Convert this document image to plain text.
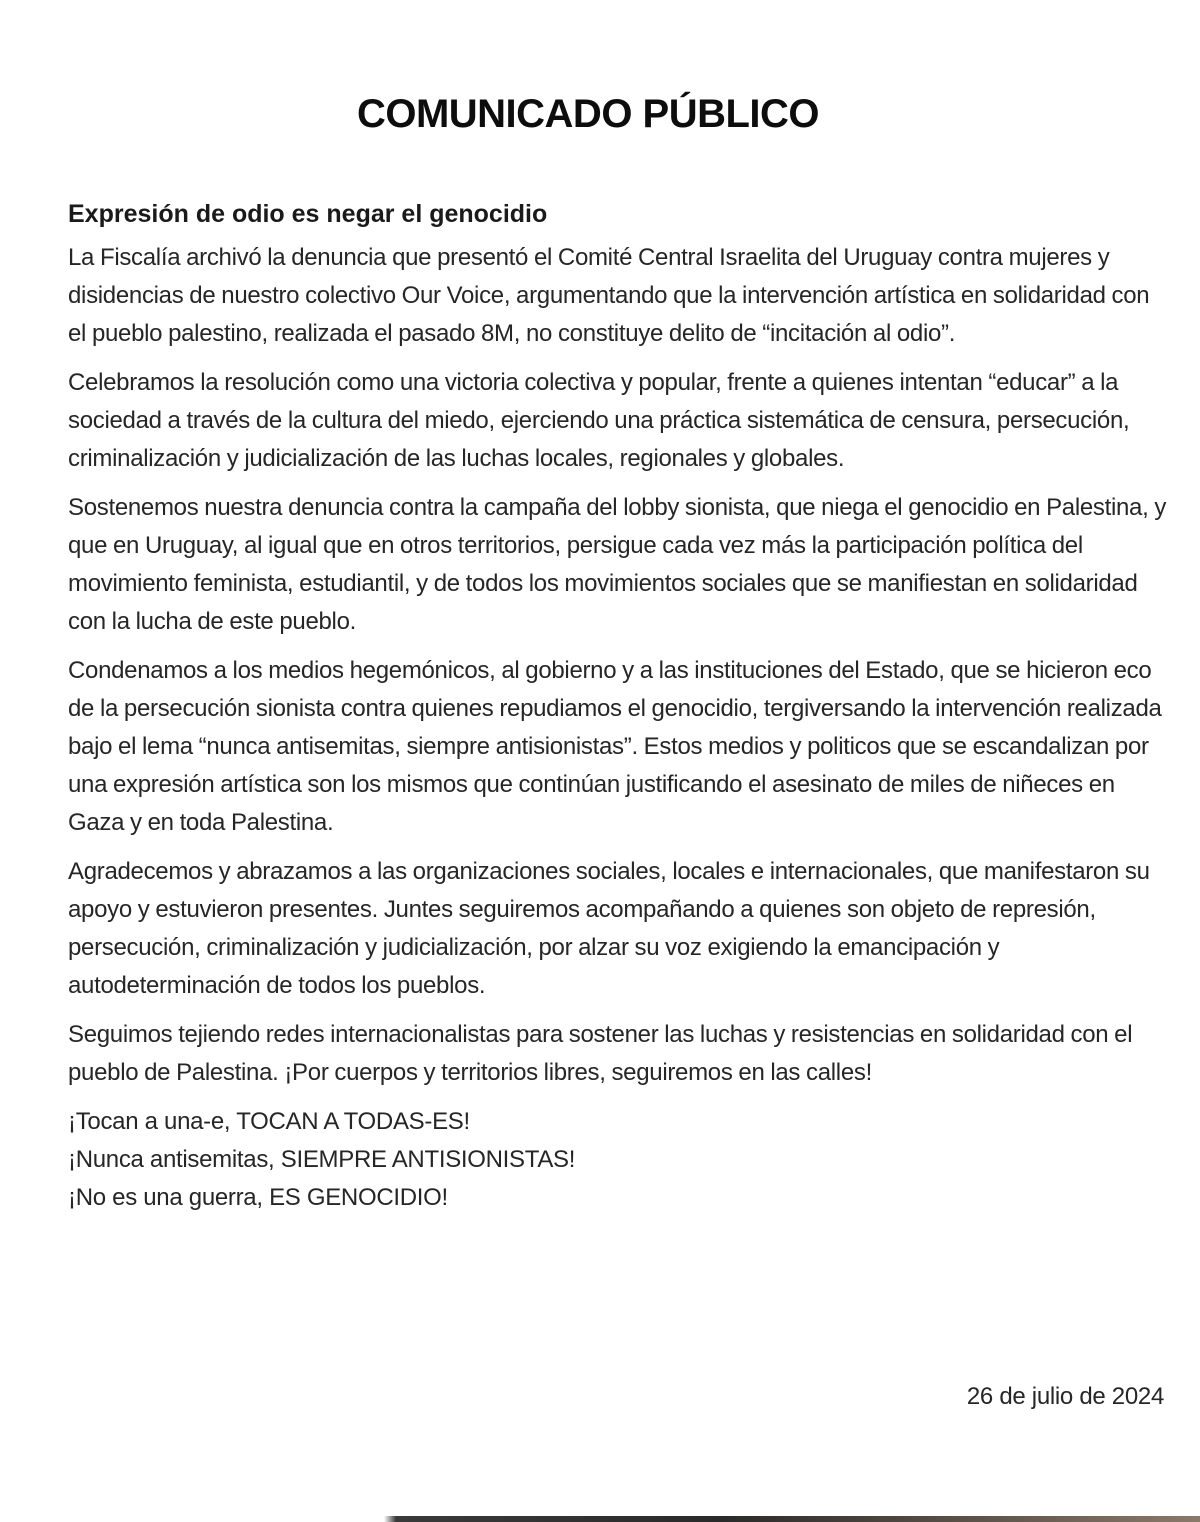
COMUNICADO PÚBLICO
Expresión de odio es negar el genocidio

La Fiscalía archivó la denuncia que presentó el Comité Central Israelita del Uruguay contra mujeres y disidencias de nuestro colectivo Our Voice, argumentando que la intervención artística en solidaridad con el pueblo palestino, realizada el pasado 8M, no constituye delito de “incitación al odio”.

Celebramos la resolución como una victoria colectiva y popular, frente a quienes intentan “educar” a la sociedad a través de la cultura del miedo, ejerciendo una práctica sistemática de censura, persecución, criminalización y judicialización de las luchas locales, regionales y globales.

Sostenemos nuestra denuncia contra la campaña del lobby sionista, que niega el genocidio en Palestina, y que en Uruguay, al igual que en otros territorios, persigue cada vez más la participación política del movimiento feminista, estudiantil, y de todos los movimientos sociales que se manifiestan en solidaridad con la lucha de este pueblo.

Condenamos a los medios hegemónicos, al gobierno y a las instituciones del Estado, que se hicieron eco de la persecución sionista contra quienes repudiamos el genocidio, tergiversando la intervención realizada bajo el lema “nunca antisemitas, siempre antisionistas”. Estos medios y politicos que se escandalizan por una expresión artística son los mismos que continúan justificando el asesinato de miles de niñeces en Gaza y en toda Palestina.

Agradecemos y abrazamos a las organizaciones sociales, locales e internacionales, que manifestaron su apoyo y estuvieron presentes. Juntes seguiremos acompañando a quienes son objeto de represión, persecución, criminalización y judicialización, por alzar su voz exigiendo la emancipación y autodeterminación de todos los pueblos.

Seguimos tejiendo redes internacionalistas para sostener las luchas y resistencias en solidaridad con el pueblo de Palestina. ¡Por cuerpos y territorios libres, seguiremos en las calles!

¡Tocan a una-e, TOCAN A TODAS-ES!
¡Nunca antisemitas, SIEMPRE ANTISIONISTAS!
¡No es una guerra, ES GENOCIDIO!
26 de julio de 2024
